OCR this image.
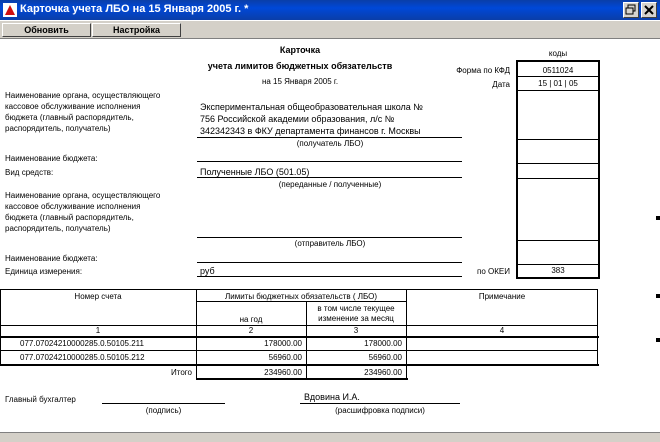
Карточка учета ЛБО на 15 Января 2005 г. *
Обновить	Настройка
Карточка
учета лимитов бюджетных обязательств
на 15 Января 2005 г.
коды
Форма по КФД	0511024
Дата	15 | 01 | 05
по ОКЕИ	383
Наименование органа, осуществляющего
кассовое обслуживание исполнения
бюджета (главный распорядитель,
распорядитель, получатель)
Экспериментальная общеобразовательная школа №
756 Российской академии образования, л/с №
342342343 в ФКУ департамента финансов г. Москвы
(получатель ЛБО)
Наименование бюджета:
Вид средств:	Полученные ЛБО (501.05)
(переданные / полученные)
Наименование органа, осуществляющего
кассовое обслуживание исполнения
бюджета (главный распорядитель,
распорядитель, получатель)
(отправитель ЛБО)
Наименование бюджета:
Единица измерения:	руб
Номер счета	Лимиты бюджетных обязательств ( ЛБО)	Примечание
на год
в том числе текущее
изменение за месяц
1	2	3	4
077.07024210000285.0.50105.211	178000.00	178000.00
077.07024210000285.0.50105.212	56960.00	56960.00
Итого	234960.00	234960.00
Главный бухгалтер
(подпись)
Вдовина И.А.
(расшифровка подписи)
